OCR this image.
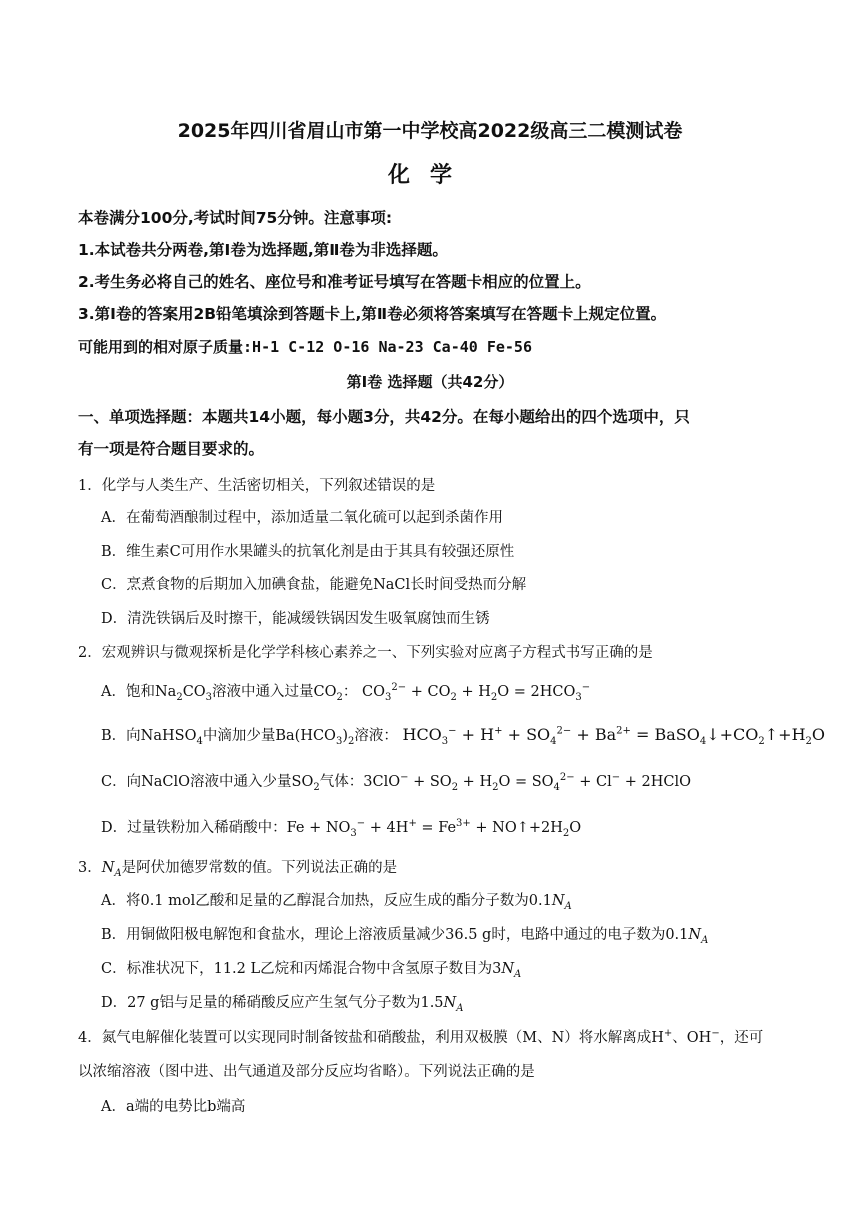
2025年四川省眉山市第一中学校高2022级高三二模测试卷
化学
本卷满分100分,考试时间75分钟。注意事项:
1.本试卷共分两卷,第Ⅰ卷为选择题,第Ⅱ卷为非选择题。
2.考生务必将自己的姓名、座位号和准考证号填写在答题卡相应的位置上。
3.第Ⅰ卷的答案用2B铅笔填涂到答题卡上,第Ⅱ卷必须将答案填写在答题卡上规定位置。
可能用到的相对原子质量:H-1 C-12 O-16 Na-23 Ca-40 Fe-56
第Ⅰ卷 选择题（共42分）
一、单项选择题：本题共14小题，每小题3分，共42分。在每小题给出的四个选项中，只
有一项是符合题目要求的。
1．化学与人类生产、生活密切相关，下列叙述错误的是
A．在葡萄酒酿制过程中，添加适量二氧化硫可以起到杀菌作用
B．维生素C可用作水果罐头的抗氧化剂是由于其具有较强还原性
C．烹煮食物的后期加入加碘食盐，能避免NaCl长时间受热而分解
D．清洗铁锅后及时擦干，能减缓铁锅因发生吸氧腐蚀而生锈
2．宏观辨识与微观探析是化学学科核心素养之一、下列实验对应离子方程式书写正确的是
A．饱和$Na_2CO_3$溶液中通入过量$CO_2$： $CO_3^{2-} + CO_2 + H_2O = 2HCO_3^-$
B．向NaHSO$_4$中滴加少量$Ba(HCO_3)_2$溶液： $HCO_3^- + H^+ + SO_4^{2-} + Ba^{2+}$ = $BaSO_4↓+CO_2↑+H_2O$
C．向NaClO溶液中通入少量$SO_2$气体：$3ClO^- + SO_2 + H_2O = SO_4^{2-} + Cl^-$ + 2HClO
D．过量铁粉加入稀硝酸中：$Fe + NO_3^- + 4H^+ = Fe^{3+}$ + $NO↑+2H_2O$
3．$N_A$是阿伏加德罗常数的值。下列说法正确的是
A．将0.1 mol乙酸和足量的乙醇混合加热，反应生成的酯分子数为$0.1N_A$
B．用铜做阳极电解饱和食盐水，理论上溶液质量减少36.5 g时，电路中通过的电子数为$0.1N_A$
C．标准状况下，11.2 L乙烷和丙烯混合物中含氢原子数目为$3N_A$
D．27 g铝与足量的稀硝酸反应产生氢气分子数为$1.5N_A$
4．氮气电解催化装置可以实现同时制备铵盐和硝酸盐，利用双极膜（M、N）将水解离成H+、OH−，还可
以浓缩溶液（图中进、出气通道及部分反应均省略）。下列说法正确的是
A．a端的电势比b端高
